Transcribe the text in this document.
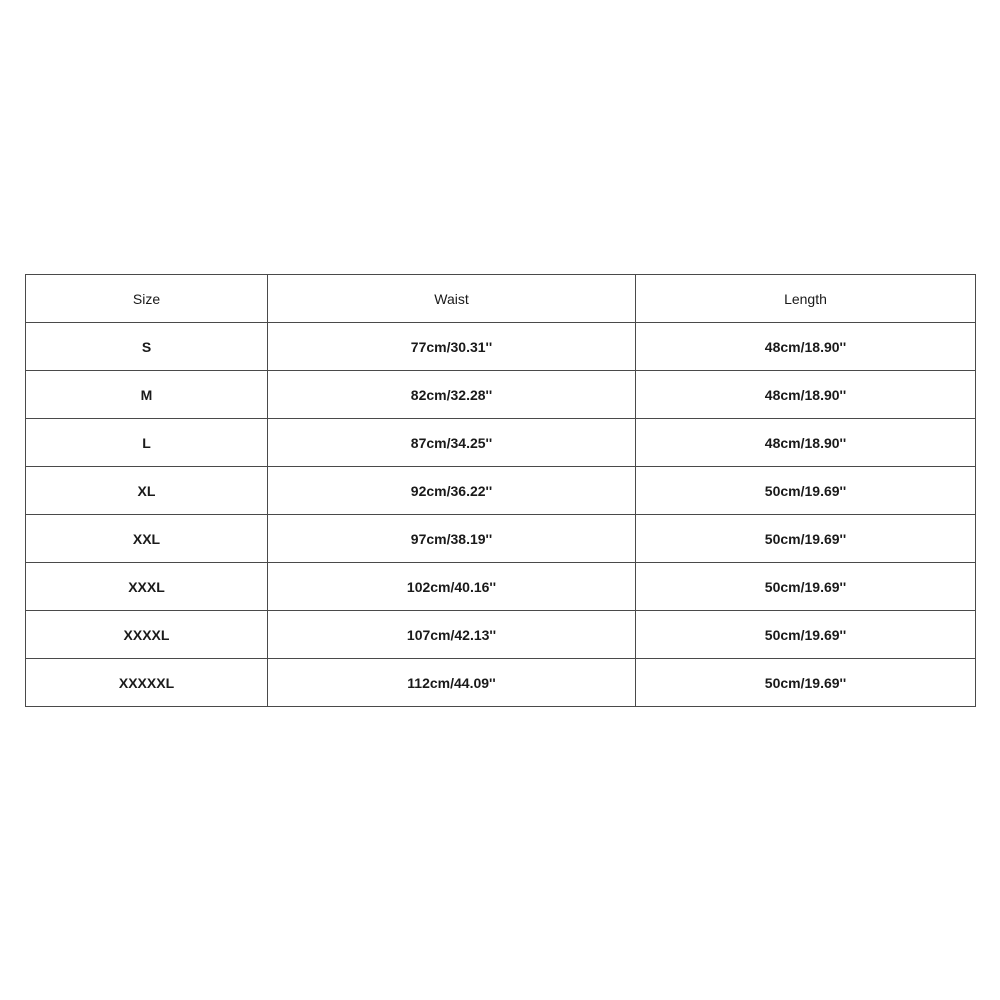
Size	Waist	Length
S	77cm/30.31''	48cm/18.90''
M	82cm/32.28''	48cm/18.90''
L	87cm/34.25''	48cm/18.90''
XL	92cm/36.22''	50cm/19.69''
XXL	97cm/38.19''	50cm/19.69''
XXXL	102cm/40.16''	50cm/19.69''
XXXXL	107cm/42.13''	50cm/19.69''
XXXXXL	112cm/44.09''	50cm/19.69''
